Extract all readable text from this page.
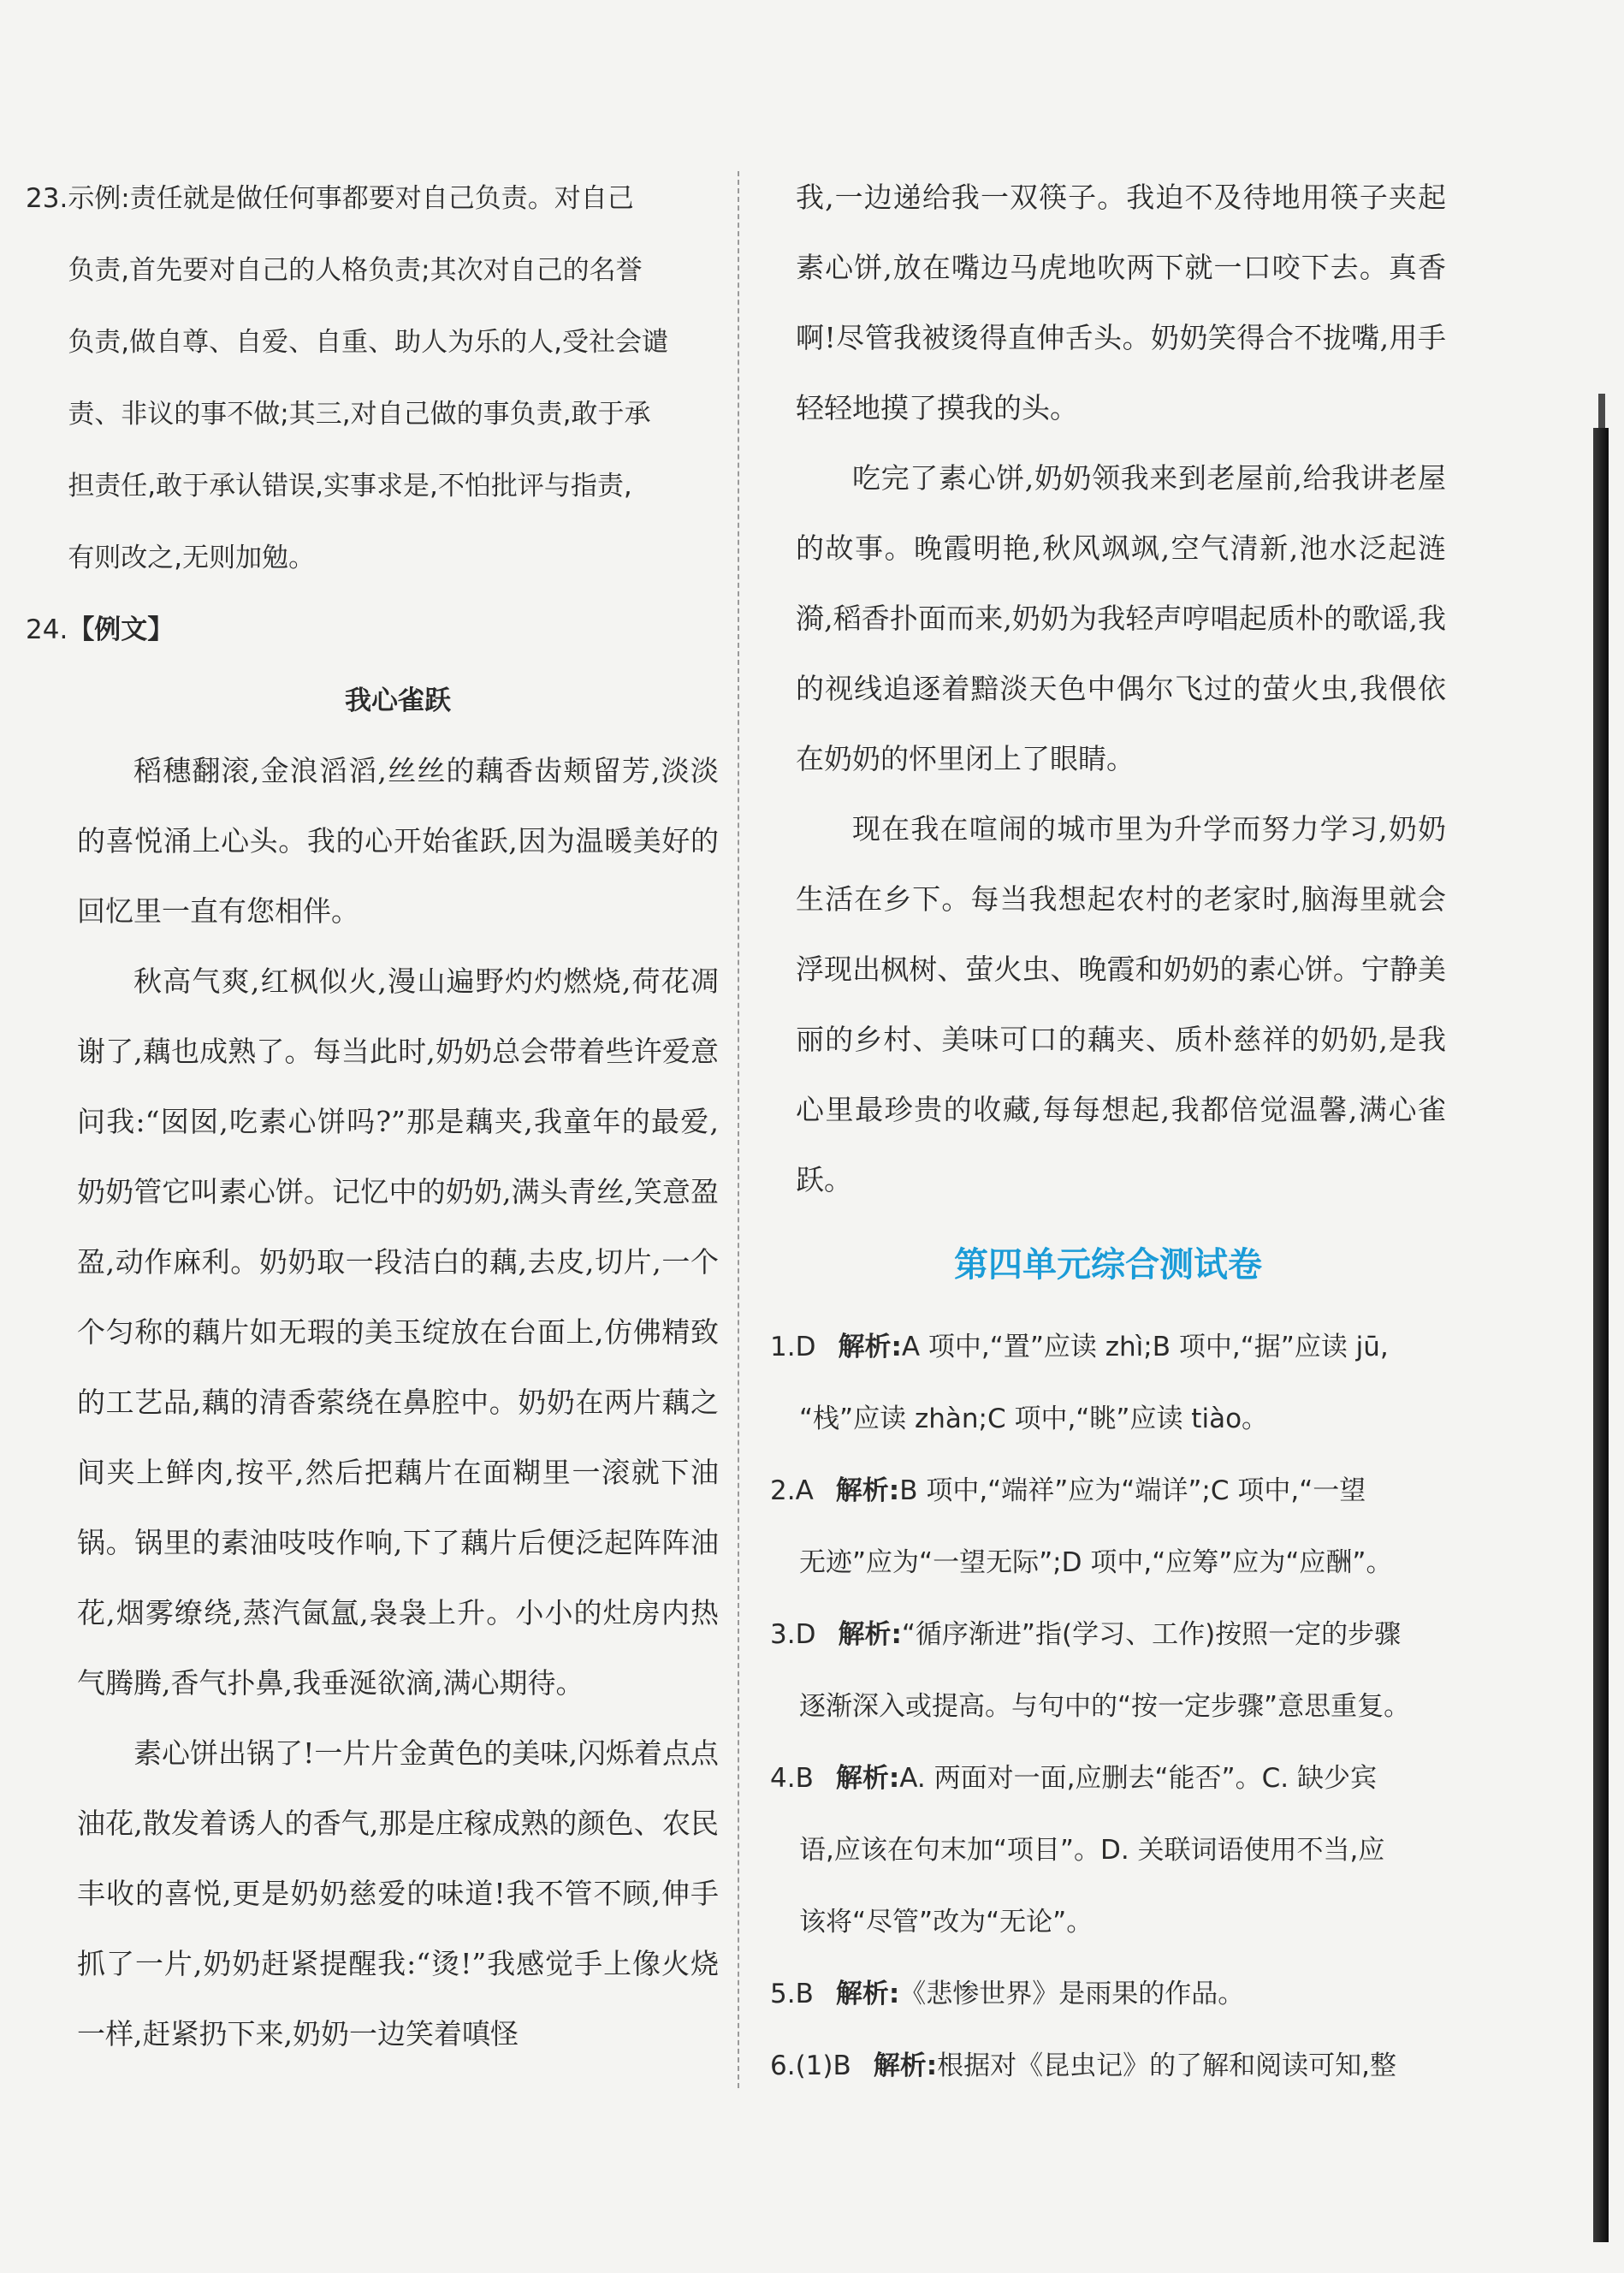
23. 示例:责任就是做任何事都要对自己负责。对自己
负责,首先要对自己的人格负责;其次对自己的名誉
负责,做自尊、自爱、自重、助人为乐的人,受社会谴
责、非议的事不做;其三,对自己做的事负责,敢于承
担责任,敢于承认错误,实事求是,不怕批评与指责,
有则改之,无则加勉。
24. 【例文】
我心雀跃

稻穗翻滚,金浪滔滔,丝丝的藕香齿颊留芳,淡淡的喜悦涌上心头。我的心开始雀跃,因为温暖美好的回忆里一直有您相伴。

秋高气爽,红枫似火,漫山遍野灼灼燃烧,荷花凋谢了,藕也成熟了。每当此时,奶奶总会带着些许爱意问我:“囡囡,吃素心饼吗?”那是藕夹,我童年的最爱,奶奶管它叫素心饼。记忆中的奶奶,满头青丝,笑意盈盈,动作麻利。奶奶取一段洁白的藕,去皮,切片,一个个匀称的藕片如无瑕的美玉绽放在台面上,仿佛精致的工艺品,藕的清香萦绕在鼻腔中。奶奶在两片藕之间夹上鲜肉,按平,然后把藕片在面糊里一滚就下油锅。锅里的素油吱吱作响,下了藕片后便泛起阵阵油花,烟雾缭绕,蒸汽氤氲,袅袅上升。小小的灶房内热气腾腾,香气扑鼻,我垂涎欲滴,满心期待。

素心饼出锅了!一片片金黄色的美味,闪烁着点点油花,散发着诱人的香气,那是庄稼成熟的颜色、农民丰收的喜悦,更是奶奶慈爱的味道!我不管不顾,伸手抓了一片,奶奶赶紧提醒我:“烫!”我感觉手上像火烧一样,赶紧扔下来,奶奶一边笑着嗔怪

我,一边递给我一双筷子。我迫不及待地用筷子夹起素心饼,放在嘴边马虎地吹两下就一口咬下去。真香啊!尽管我被烫得直伸舌头。奶奶笑得合不拢嘴,用手轻轻地摸了摸我的头。

吃完了素心饼,奶奶领我来到老屋前,给我讲老屋的故事。晚霞明艳,秋风飒飒,空气清新,池水泛起涟漪,稻香扑面而来,奶奶为我轻声哼唱起质朴的歌谣,我的视线追逐着黯淡天色中偶尔飞过的萤火虫,我偎依在奶奶的怀里闭上了眼睛。

现在我在喧闹的城市里为升学而努力学习,奶奶生活在乡下。每当我想起农村的老家时,脑海里就会浮现出枫树、萤火虫、晚霞和奶奶的素心饼。宁静美丽的乡村、美味可口的藕夹、质朴慈祥的奶奶,是我心里最珍贵的收藏,每每想起,我都倍觉温馨,满心雀跃。

第四单元综合测试卷
1.D 解析:A 项中,“置”应读 zhì;B 项中,“据”应读 jū,
“栈”应读 zhàn;C 项中,“眺”应读 tiào。
2.A 解析:B 项中,“端祥”应为“端详”;C 项中,“一望
无迹”应为“一望无际”;D 项中,“应筹”应为“应酬”。
3.D 解析:“循序渐进”指(学习、工作)按照一定的步骤
逐渐深入或提高。与句中的“按一定步骤”意思重复。
4.B 解析:A. 两面对一面,应删去“能否”。C. 缺少宾
语,应该在句末加“项目”。D. 关联词语使用不当,应
该将“尽管”改为“无论”。
5.B 解析:《悲惨世界》是雨果的作品。
6.(1)B 解析:根据对《昆虫记》的了解和阅读可知,整
